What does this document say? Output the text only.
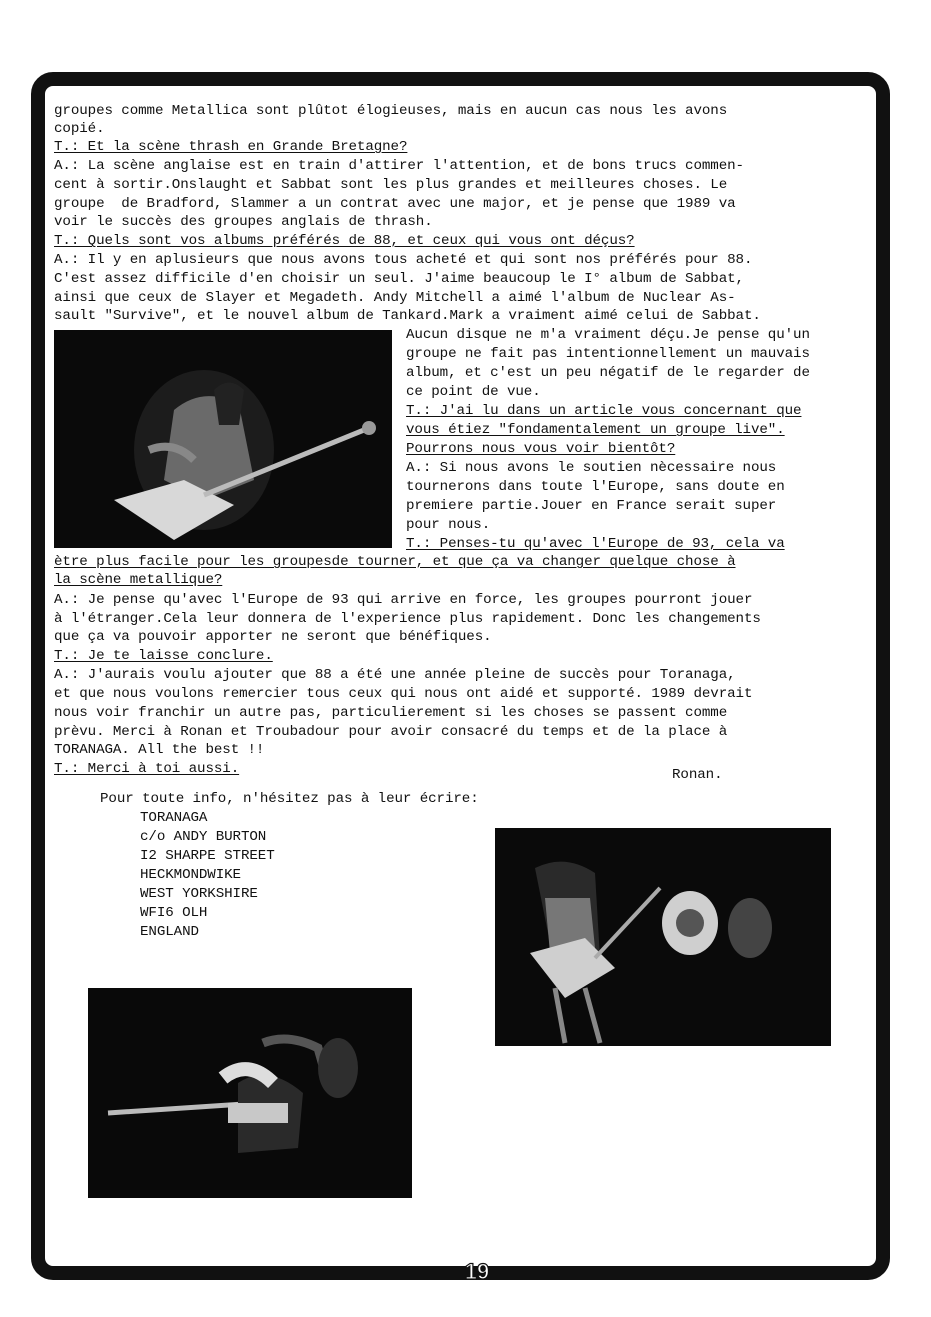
groupes comme Metallica sont plûtot élogieuses, mais en aucun cas nous les avons
copié.
T.: Et la scène thrash en Grande Bretagne?
A.: La scène anglaise est en train d'attirer l'attention, et de bons trucs commen-
cent à sortir.Onslaught et Sabbat sont les plus grandes et meilleures choses. Le
groupe  de Bradford, Slammer a un contrat avec une major, et je pense que 1989 va
voir le succès des groupes anglais de thrash.
T.: Quels sont vos albums préférés de 88, et ceux qui vous ont déçus?
A.: Il y en aplusieurs que nous avons tous acheté et qui sont nos préférés pour 88.
C'est assez difficile d'en choisir un seul. J'aime beaucoup le I° album de Sabbat,
ainsi que ceux de Slayer et Megadeth. Andy Mitchell a aimé l'album de Nuclear As-
sault "Survive", et le nouvel album de Tankard.Mark a vraiment aimé celui de Sabbat.
Aucun disque ne m'a vraiment déçu.Je pense qu'un
groupe ne fait pas intentionnellement un mauvais
album, et c'est un peu négatif de le regarder de
ce point de vue.
T.: J'ai lu dans un article vous concernant que
vous étiez "fondamentalement un groupe live".
Pourrons nous vous voir bientôt?
A.: Si nous avons le soutien nècessaire nous
tournerons dans toute l'Europe, sans doute en
premiere partie.Jouer en France serait super
pour nous.
T.: Penses-tu qu'avec l'Europe de 93, cela va
ètre plus facile pour les groupesde tourner, et que ça va changer quelque chose à
la scène metallique?
A.: Je pense qu'avec l'Europe de 93 qui arrive en force, les groupes pourront jouer
à l'étranger.Cela leur donnera de l'experience plus rapidement. Donc les changements
que ça va pouvoir apporter ne seront que bénéfiques.
T.: Je te laisse conclure.
A.: J'aurais voulu ajouter que 88 a été une année pleine de succès pour Toranaga,
et que nous voulons remercier tous ceux qui nous ont aidé et supporté. 1989 devrait
nous voir franchir un autre pas, particulierement si les choses se passent comme
prèvu. Merci à Ronan et Troubadour pour avoir consacré du temps et de la place à
TORANAGA. All the best !!
T.: Merci à toi aussi.	Ronan.
Pour toute info, n'hésitez pas à leur écrire:
TORANAGA
c/o ANDY BURTON
I2 SHARPE STREET
HECKMONDWIKE
WEST YORKSHIRE
WFI6 OLH
ENGLAND
19
